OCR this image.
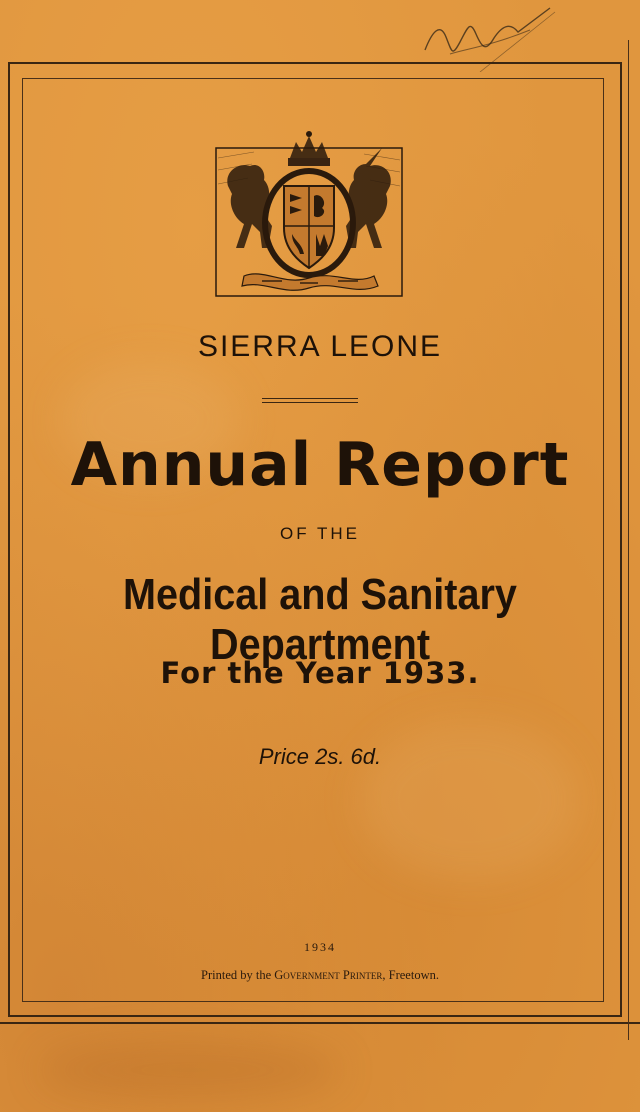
SIERRA LEONE
Annual Report
OF THE
Medical and Sanitary Department
For the Year 1933.
Price 2s. 6d.
1934
Printed by the Government Printer, Freetown.
